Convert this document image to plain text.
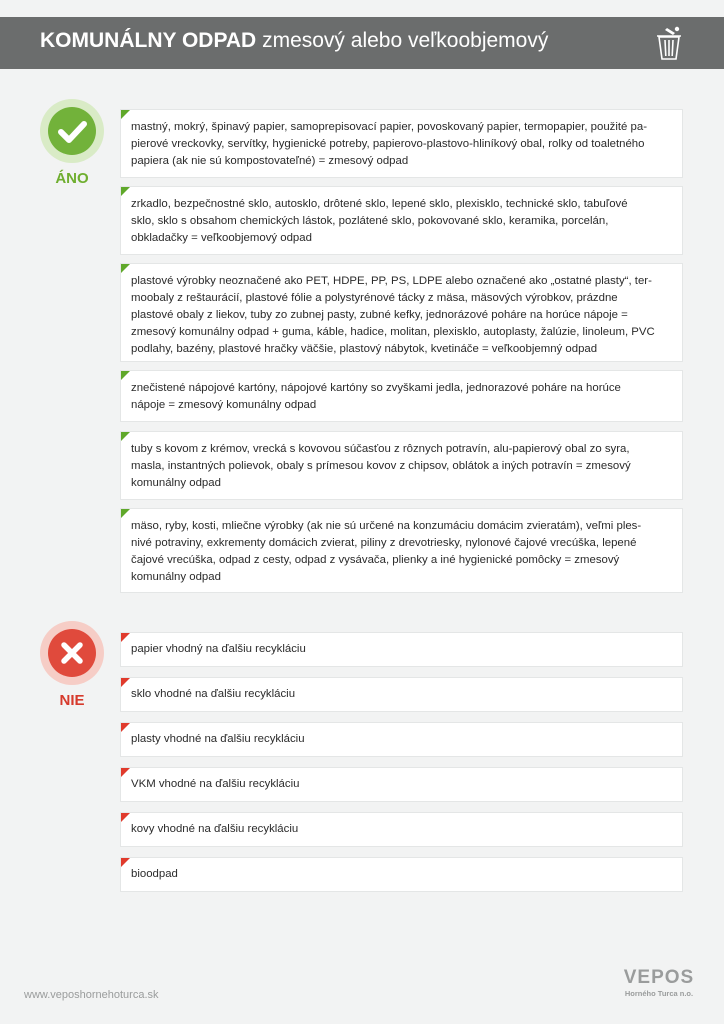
KOMUNÁLNY ODPAD zmesový alebo veľkoobjemový
ÁNO
mastný, mokrý, špinavý papier, samoprepisovací papier, povoskovaný papier, termopapier, použité pa-
pierové vreckovky, servítky, hygienické potreby, papierovo-plastovo-hliníkový obal, rolky od toaletného
papiera (ak nie sú kompostovateľné) = zmesový odpad
zrkadlo, bezpečnostné sklo, autosklo, drôtené sklo, lepené sklo, plexisklo, technické sklo, tabuľové
sklo, sklo s obsahom chemických lástok, pozlátené sklo, pokovované sklo, keramika, porcelán,
obkladačky = veľkoobjemový odpad
plastové výrobky neoznačené ako PET, HDPE, PP, PS, LDPE alebo označené ako „ostatné plasty“, ter-
moobaly z reštaurácií, plastové fólie a polystyrénové tácky z mäsa, mäsových výrobkov, prázdne
plastové obaly z liekov, tuby zo zubnej pasty, zubné kefky, jednorázové poháre na horúce nápoje =
zmesový komunálny odpad + guma, káble, hadice, molitan, plexisklo, autoplasty, žalúzie, linoleum, PVC
podlahy, bazény, plastové hračky väčšie, plastový nábytok, kvetináče = veľkoobjemný odpad
znečistené nápojové kartóny, nápojové kartóny so zvyškami jedla, jednorazové poháre na horúce
nápoje = zmesový komunálny odpad
tuby s kovom z krémov, vrecká s kovovou súčasťou z rôznych potravín, alu-papierový obal zo syra,
masla, instantných polievok, obaly s prímesou kovov z chipsov, oblátok a iných potravín = zmesový
komunálny odpad
mäso, ryby, kosti, mliečne výrobky (ak nie sú určené na konzumáciu domácim zvieratám), veľmi ples-
nivé potraviny, exkrementy domácich zvierat, piliny z drevotriesky, nylonové čajové vrecúška, lepené
čajové vrecúška, odpad z cesty, odpad z vysávača, plienky a iné hygienické pomôcky = zmesový
komunálny odpad
NIE
papier vhodný na ďalšiu recykláciu
sklo vhodné na ďalšiu recykláciu
plasty vhodné na ďalšiu recykláciu
VKM vhodné na ďalšiu recykláciu
kovy vhodné na ďalšiu recykláciu
bioodpad
www.veposhornehoturca.sk
VEPOS
Horného Turca n.o.
